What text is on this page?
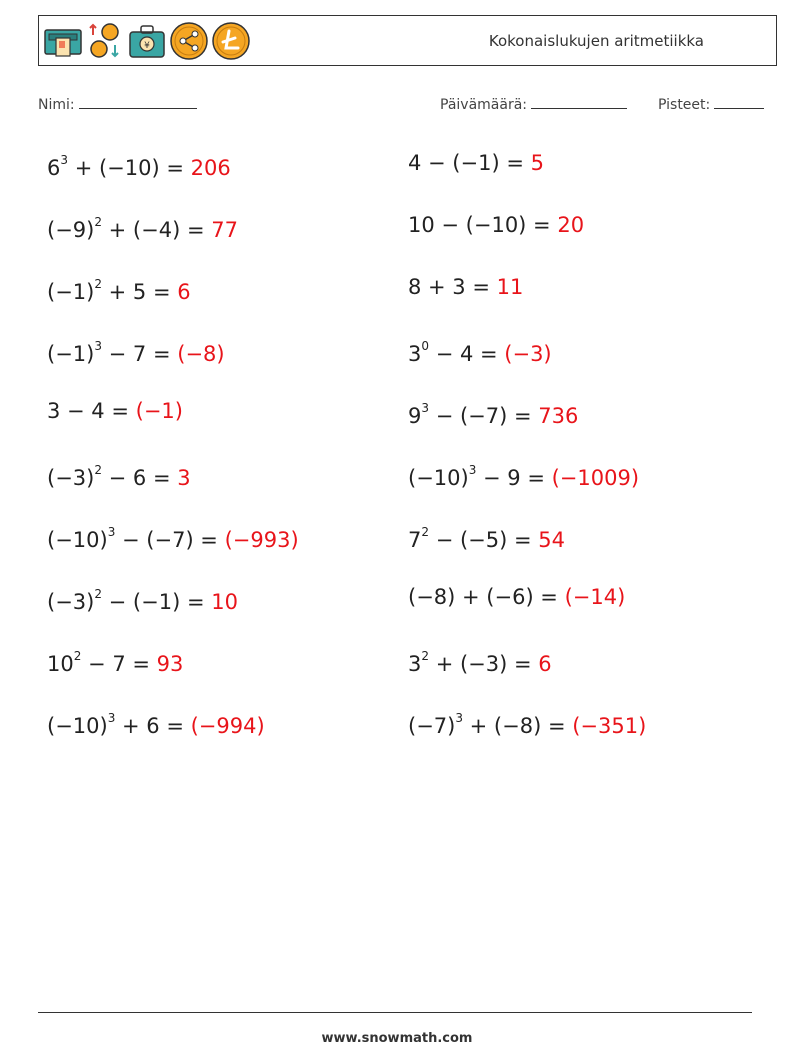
¥	Kokonaislukujen aritmetiikka
Nimi:	Päivämäärä:	Pisteet:
$6^3 + (-10) = 206$	4 − (−1) = 5
$(-9)^2 + (-4) = 77$	10 − (−10) = 20
$(-1)^2 + 5 = 6$	8 + 3 = 11
$(-1)^3 - 7 = (-8)$	$3^0 - 4 = (-3)$
3 − 4 = (−1)	$9^3 - (-7) = 736$
$(-3)^2 - 6 = 3$	$(-10)^3 - 9 = (-1009)$
$(-10)^3 - (-7) = (-993)$	$7^2 - (-5) = 54$
$(-3)^2 - (-1) = 10$	(−8) + (−6) = (−14)
$10^2 - 7 = 93$	$3^2 + (-3) = 6$
$(-10)^3 + 6 = (-994)$	$(-7)^3 + (-8) = (-351)$
www.snowmath.com
